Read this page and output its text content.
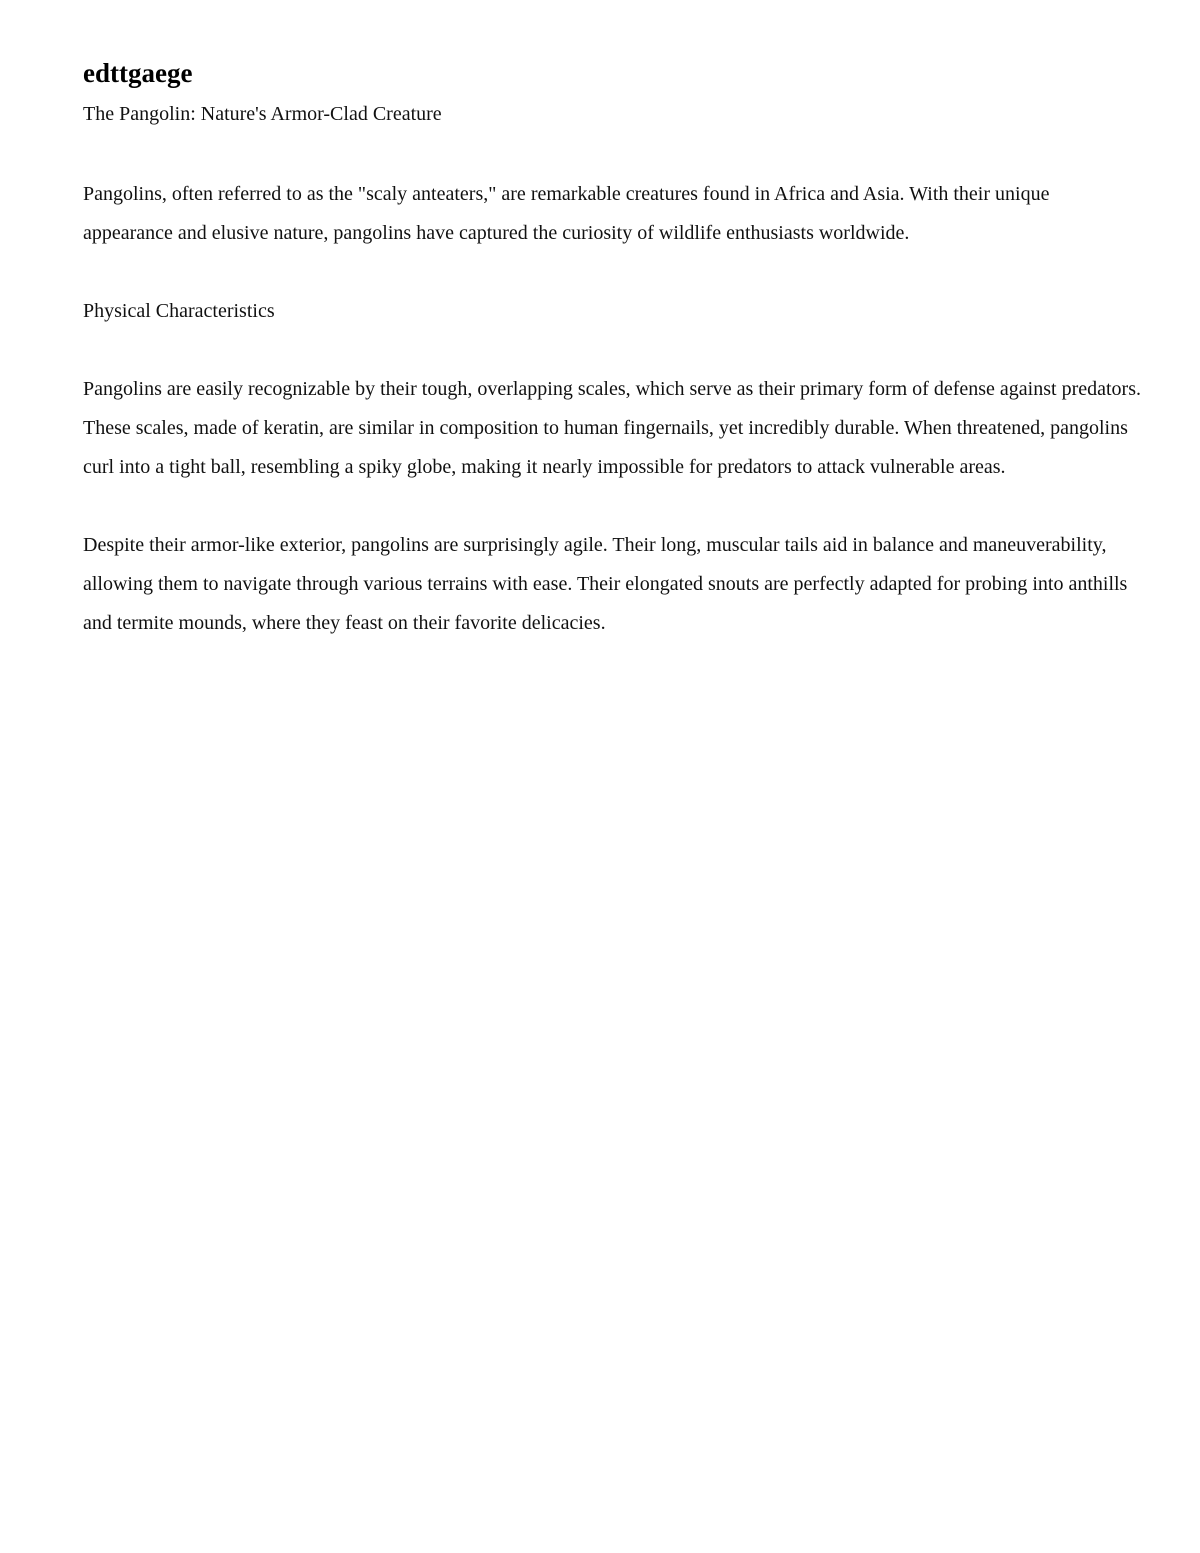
edttgaege

The Pangolin: Nature's Armor-Clad Creature

Pangolins, often referred to as the "scaly anteaters," are remarkable creatures found in Africa and Asia. With their unique appearance and elusive nature, pangolins have captured the curiosity of wildlife enthusiasts worldwide.

Physical Characteristics

Pangolins are easily recognizable by their tough, overlapping scales, which serve as their primary form of defense against predators. These scales, made of keratin, are similar in composition to human fingernails, yet incredibly durable. When threatened, pangolins curl into a tight ball, resembling a spiky globe, making it nearly impossible for predators to attack vulnerable areas.

Despite their armor-like exterior, pangolins are surprisingly agile. Their long, muscular tails aid in balance and maneuverability, allowing them to navigate through various terrains with ease. Their elongated snouts are perfectly adapted for probing into anthills and termite mounds, where they feast on their favorite delicacies.
